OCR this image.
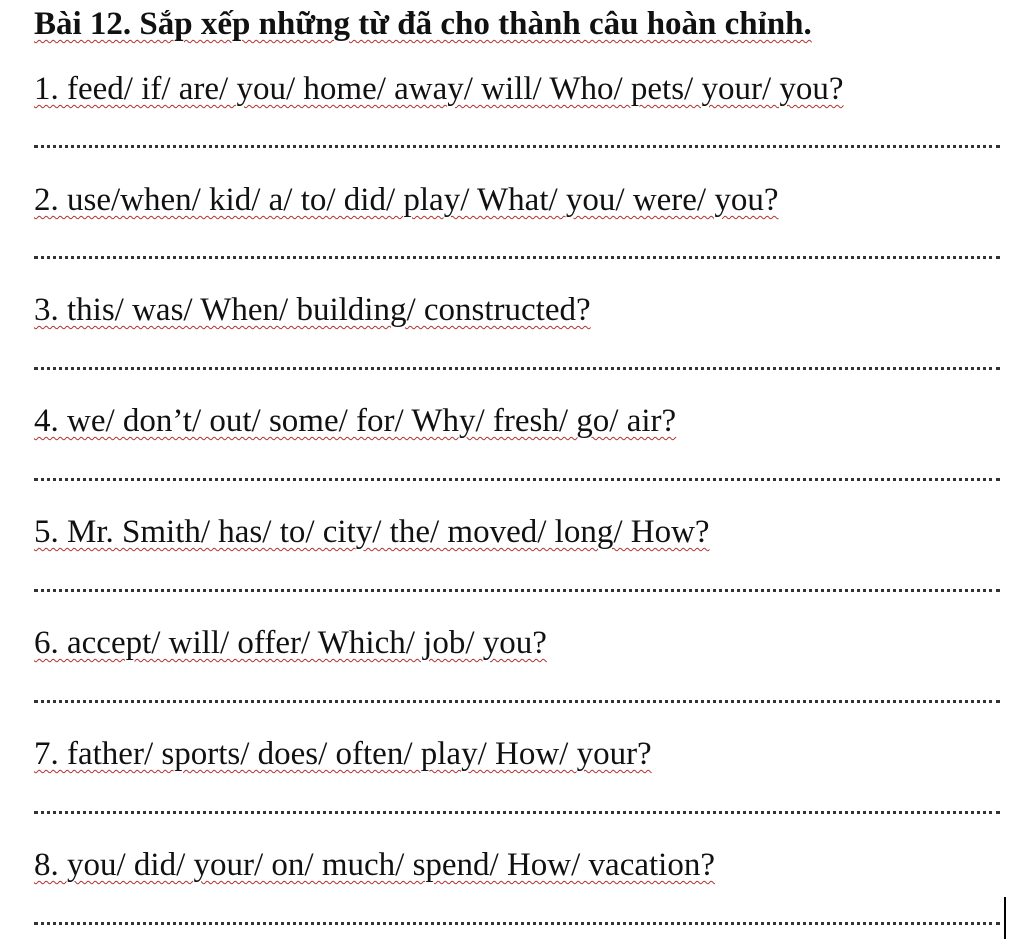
Bài 12. Sắp xếp những từ đã cho thành câu hoàn chỉnh.
1. feed/ if/ are/ you/ home/ away/ will/ Who/ pets/ your/ you?
2. use/when/ kid/ a/ to/ did/ play/ What/ you/ were/ you?
3. this/ was/ When/ building/ constructed?
4. we/ don’t/ out/ some/ for/ Why/ fresh/ go/ air?
5. Mr. Smith/ has/ to/ city/ the/ moved/ long/ How?
6. accept/ will/ offer/ Which/ job/ you?
7. father/ sports/ does/ often/ play/ How/ your?
8. you/ did/ your/ on/ much/ spend/ How/ vacation?
